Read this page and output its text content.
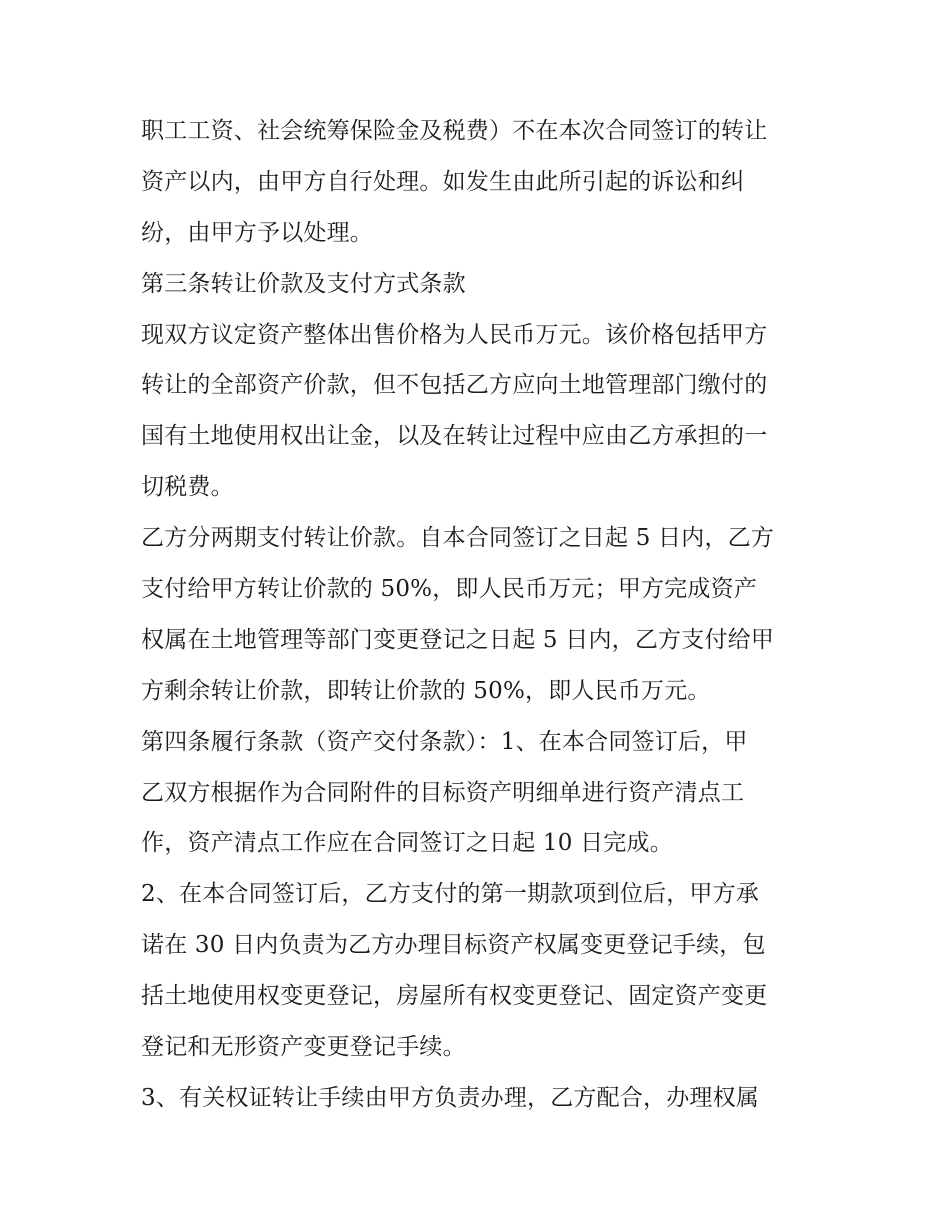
职工工资、社会统筹保险金及税费）不在本次合同签订的转让
资产以内，由甲方自行处理。如发生由此所引起的诉讼和纠
纷，由甲方予以处理。
第三条转让价款及支付方式条款
现双方议定资产整体出售价格为人民币万元。该价格包括甲方
转让的全部资产价款，但不包括乙方应向土地管理部门缴付的
国有土地使用权出让金，以及在转让过程中应由乙方承担的一
切税费。
乙方分两期支付转让价款。自本合同签订之日起 5 日内，乙方
支付给甲方转让价款的 50%，即人民币万元；甲方完成资产
权属在土地管理等部门变更登记之日起 5 日内，乙方支付给甲
方剩余转让价款，即转让价款的 50%，即人民币万元。
第四条履行条款（资产交付条款）：1、在本合同签订后，甲
乙双方根据作为合同附件的目标资产明细单进行资产清点工
作，资产清点工作应在合同签订之日起 10 日完成。
2、在本合同签订后，乙方支付的第一期款项到位后，甲方承
诺在 30 日内负责为乙方办理目标资产权属变更登记手续，包
括土地使用权变更登记，房屋所有权变更登记、固定资产变更
登记和无形资产变更登记手续。
3、有关权证转让手续由甲方负责办理，乙方配合，办理权属
